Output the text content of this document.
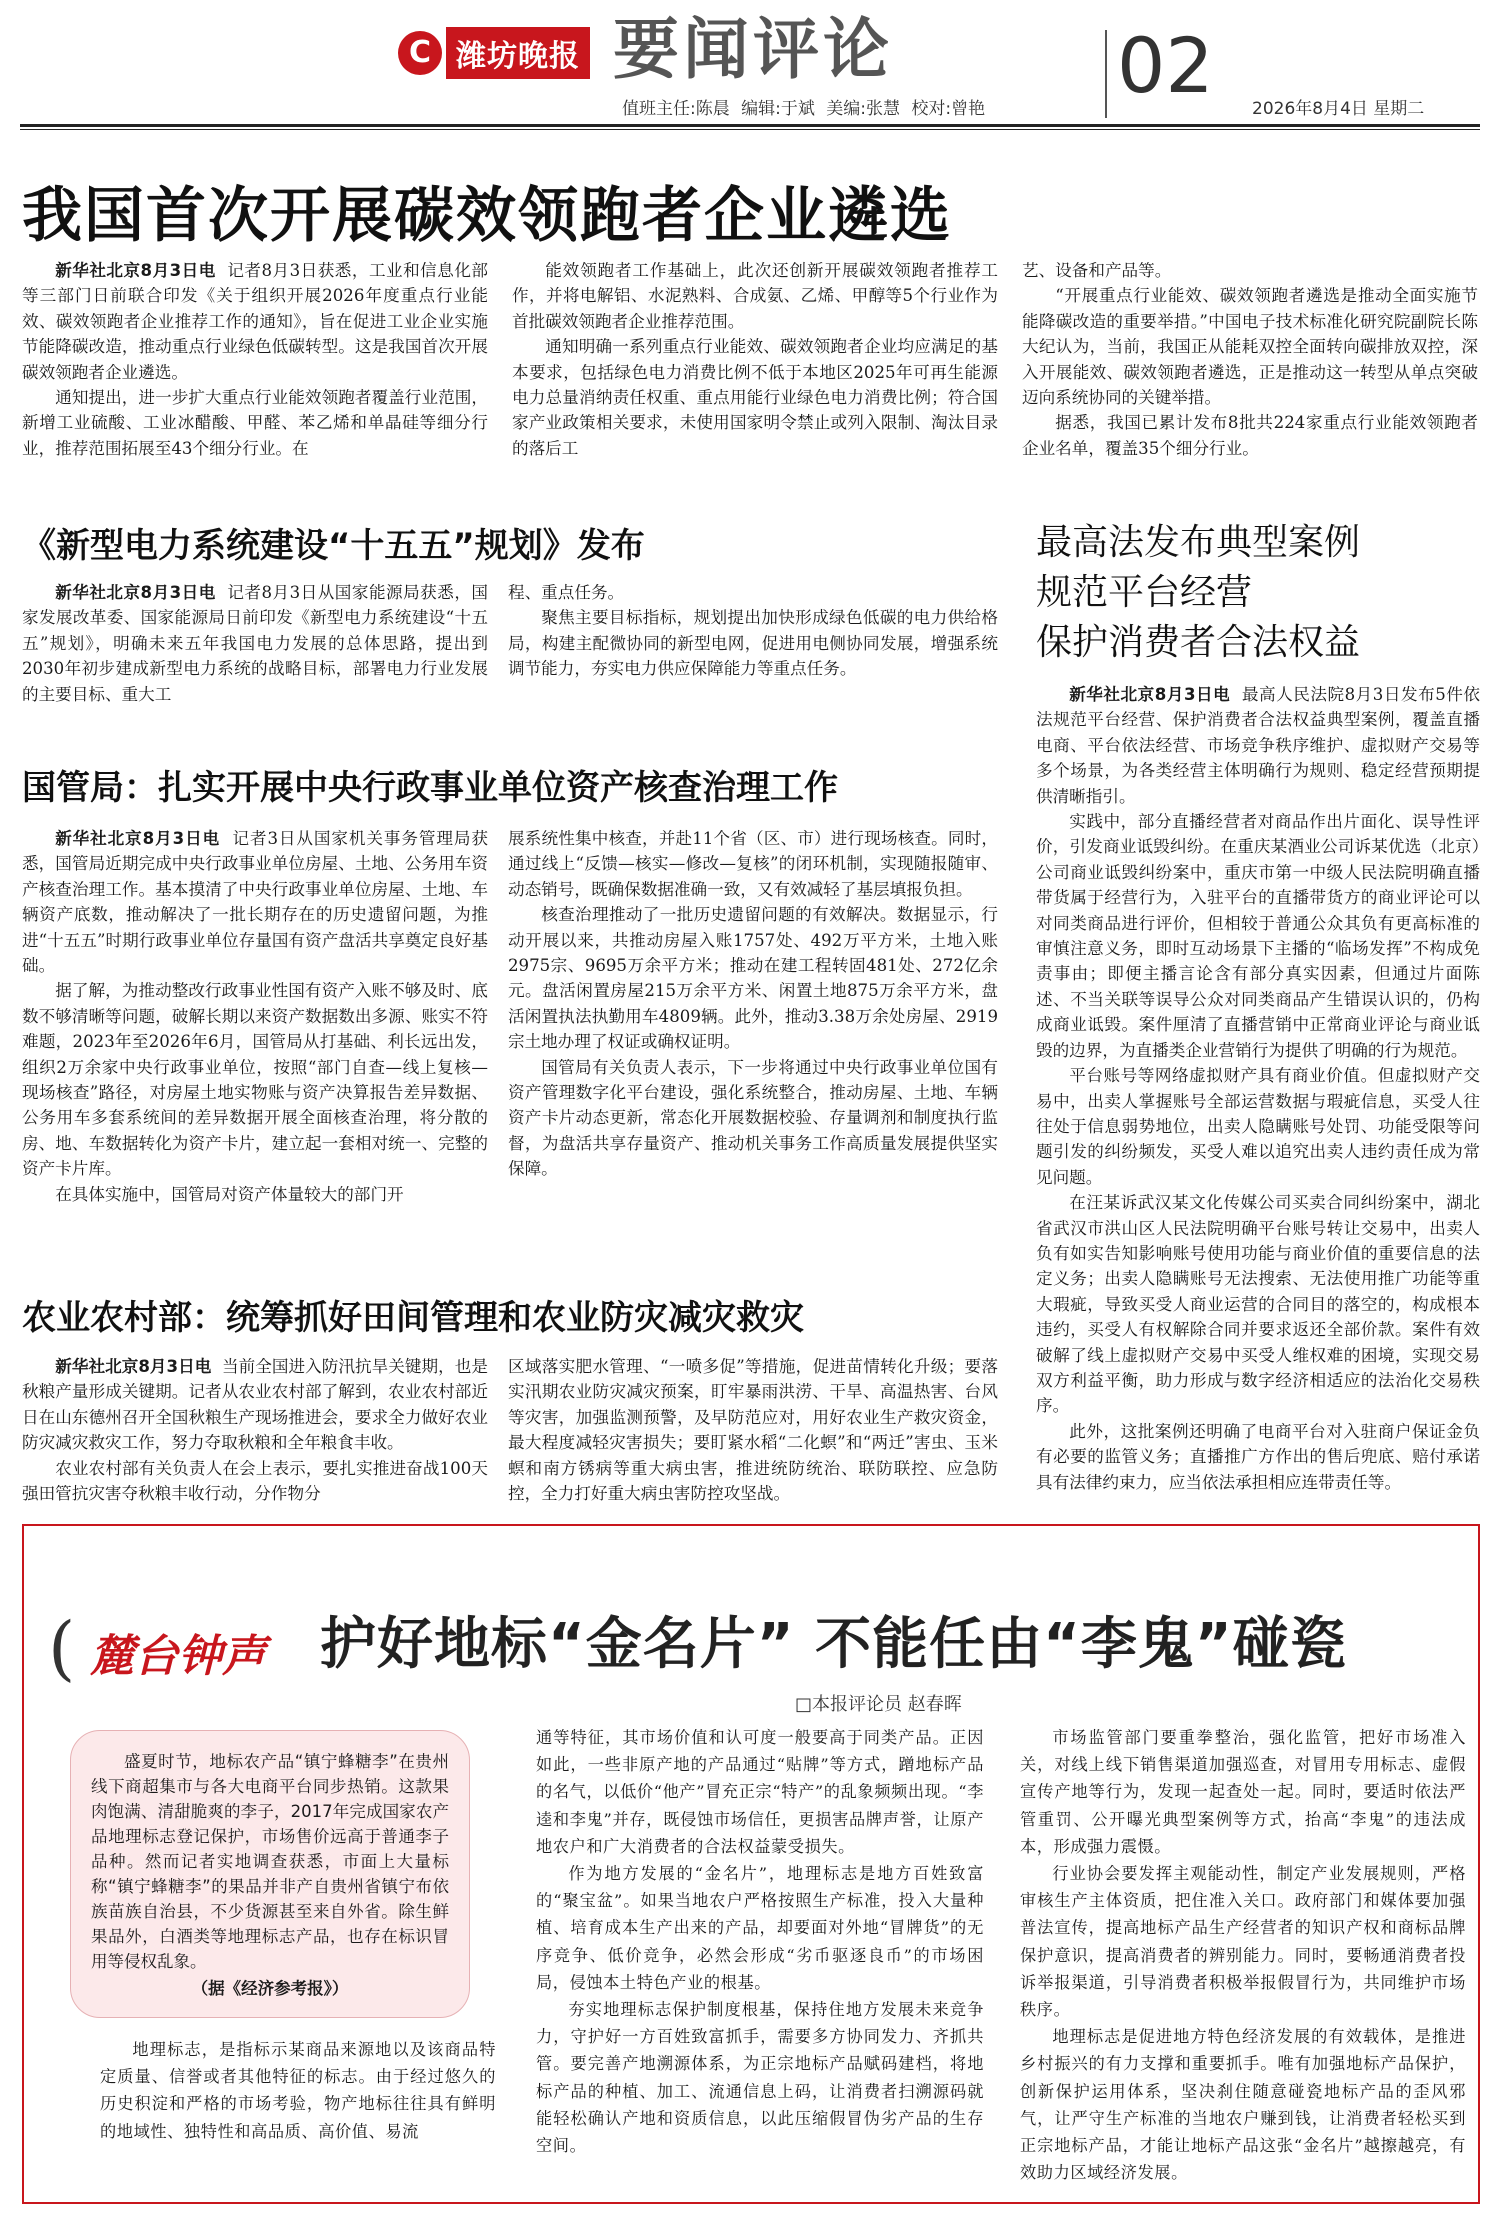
C 潍坊晚报 要闻评论	02
值班主任:陈晨 编辑:于斌 美编:张慧 校对:曾艳	2026年8月4日 星期二
我国首次开展碳效领跑者企业遴选
新华社北京8月3日电 记者8月3日获悉，工业和信息化部等三部门日前联合印发《关于组织开展2026年度重点行业能效、碳效领跑者企业推荐工作的通知》，旨在促进工业企业实施节能降碳改造，推动重点行业绿色低碳转型。这是我国首次开展碳效领跑者企业遴选。

通知提出，进一步扩大重点行业能效领跑者覆盖行业范围，新增工业硫酸、工业冰醋酸、甲醛、苯乙烯和单晶硅等细分行业，推荐范围拓展至43个细分行业。在

能效领跑者工作基础上，此次还创新开展碳效领跑者推荐工作，并将电解铝、水泥熟料、合成氨、乙烯、甲醇等5个行业作为首批碳效领跑者企业推荐范围。

通知明确一系列重点行业能效、碳效领跑者企业均应满足的基本要求，包括绿色电力消费比例不低于本地区2025年可再生能源电力总量消纳责任权重、重点用能行业绿色电力消费比例；符合国家产业政策相关要求，未使用国家明令禁止或列入限制、淘汰目录的落后工

艺、设备和产品等。

“开展重点行业能效、碳效领跑者遴选是推动全面实施节能降碳改造的重要举措。”中国电子技术标准化研究院副院长陈大纪认为，当前，我国正从能耗双控全面转向碳排放双控，深入开展能效、碳效领跑者遴选，正是推动这一转型从单点突破迈向系统协同的关键举措。

据悉，我国已累计发布8批共224家重点行业能效领跑者企业名单，覆盖35个细分行业。

《新型电力系统建设“十五五”规划》发布
新华社北京8月3日电 记者8月3日从国家能源局获悉，国家发展改革委、国家能源局日前印发《新型电力系统建设“十五五”规划》，明确未来五年我国电力发展的总体思路，提出到2030年初步建成新型电力系统的战略目标，部署电力行业发展的主要目标、重大工
程、重点任务。

聚焦主要目标指标，规划提出加快形成绿色低碳的电力供给格局，构建主配微协同的新型电网，促进用电侧协同发展，增强系统调节能力，夯实电力供应保障能力等重点任务。

国管局：扎实开展中央行政事业单位资产核查治理工作
新华社北京8月3日电 记者3日从国家机关事务管理局获悉，国管局近期完成中央行政事业单位房屋、土地、公务用车资产核查治理工作。基本摸清了中央行政事业单位房屋、土地、车辆资产底数，推动解决了一批长期存在的历史遗留问题，为推进“十五五”时期行政事业单位存量国有资产盘活共享奠定良好基础。

据了解，为推动整改行政事业性国有资产入账不够及时、底数不够清晰等问题，破解长期以来资产数据数出多源、账实不符难题，2023年至2026年6月，国管局从打基础、利长远出发，组织2万余家中央行政事业单位，按照“部门自查—线上复核—现场核查”路径，对房屋土地实物账与资产决算报告差异数据、公务用车多套系统间的差异数据开展全面核查治理，将分散的房、地、车数据转化为资产卡片，建立起一套相对统一、完整的资产卡片库。

在具体实施中，国管局对资产体量较大的部门开

展系统性集中核查，并赴11个省（区、市）进行现场核查。同时，通过线上“反馈—核实—修改—复核”的闭环机制，实现随报随审、动态销号，既确保数据准确一致，又有效减轻了基层填报负担。

核查治理推动了一批历史遗留问题的有效解决。数据显示，行动开展以来，共推动房屋入账1757处、492万平方米，土地入账2975宗、9695万余平方米；推动在建工程转固481处、272亿余元。盘活闲置房屋215万余平方米、闲置土地875万余平方米，盘活闲置执法执勤用车4809辆。此外，推动3.38万余处房屋、2919宗土地办理了权证或确权证明。

国管局有关负责人表示，下一步将通过中央行政事业单位国有资产管理数字化平台建设，强化系统整合，推动房屋、土地、车辆资产卡片动态更新，常态化开展数据校验、存量调剂和制度执行监督，为盘活共享存量资产、推动机关事务工作高质量发展提供坚实保障。

农业农村部：统筹抓好田间管理和农业防灾减灾救灾
新华社北京8月3日电 当前全国进入防汛抗旱关键期，也是秋粮产量形成关键期。记者从农业农村部了解到，农业农村部近日在山东德州召开全国秋粮生产现场推进会，要求全力做好农业防灾减灾救灾工作，努力夺取秋粮和全年粮食丰收。

农业农村部有关负责人在会上表示，要扎实推进奋战100天强田管抗灾害夺秋粮丰收行动，分作物分

区域落实肥水管理、“一喷多促”等措施，促进苗情转化升级；要落实汛期农业防灾减灾预案，盯牢暴雨洪涝、干旱、高温热害、台风等灾害，加强监测预警，及早防范应对，用好农业生产救灾资金，最大程度减轻灾害损失；要盯紧水稻“二化螟”和“两迁”害虫、玉米螟和南方锈病等重大病虫害，推进统防统治、联防联控、应急防控，全力打好重大病虫害防控攻坚战。
最高法发布典型案例
规范平台经营
保护消费者合法权益
新华社北京8月3日电 最高人民法院8月3日发布5件依法规范平台经营、保护消费者合法权益典型案例，覆盖直播电商、平台依法经营、市场竞争秩序维护、虚拟财产交易等多个场景，为各类经营主体明确行为规则、稳定经营预期提供清晰指引。

实践中，部分直播经营者对商品作出片面化、误导性评价，引发商业诋毁纠纷。在重庆某酒业公司诉某优选（北京）公司商业诋毁纠纷案中，重庆市第一中级人民法院明确直播带货属于经营行为，入驻平台的直播带货方的商业评论可以对同类商品进行评价，但相较于普通公众其负有更高标准的审慎注意义务，即时互动场景下主播的“临场发挥”不构成免责事由；即便主播言论含有部分真实因素，但通过片面陈述、不当关联等误导公众对同类商品产生错误认识的，仍构成商业诋毁。案件厘清了直播营销中正常商业评论与商业诋毁的边界，为直播类企业营销行为提供了明确的行为规范。

平台账号等网络虚拟财产具有商业价值。但虚拟财产交易中，出卖人掌握账号全部运营数据与瑕疵信息，买受人往往处于信息弱势地位，出卖人隐瞒账号处罚、功能受限等问题引发的纠纷频发，买受人难以追究出卖人违约责任成为常见问题。

在汪某诉武汉某文化传媒公司买卖合同纠纷案中，湖北省武汉市洪山区人民法院明确平台账号转让交易中，出卖人负有如实告知影响账号使用功能与商业价值的重要信息的法定义务；出卖人隐瞒账号无法搜索、无法使用推广功能等重大瑕疵，导致买受人商业运营的合同目的落空的，构成根本违约，买受人有权解除合同并要求返还全部价款。案件有效破解了线上虚拟财产交易中买受人维权难的困境，实现交易双方利益平衡，助力形成与数字经济相适应的法治化交易秩序。

此外，这批案例还明确了电商平台对入驻商户保证金负有必要的监管义务；直播推广方作出的售后兜底、赔付承诺具有法律约束力，应当依法承担相应连带责任等。

( 麓台钟声 护好地标“金名片” 不能任由“李鬼”碰瓷
□本报评论员 赵春晖
盛夏时节，地标农产品“镇宁蜂糖李”在贵州线下商超集市与各大电商平台同步热销。这款果肉饱满、清甜脆爽的李子，2017年完成国家农产品地理标志登记保护，市场售价远高于普通李子品种。然而记者实地调查获悉，市面上大量标称“镇宁蜂糖李”的果品并非产自贵州省镇宁布依族苗族自治县，不少货源甚至来自外省。除生鲜果品外，白酒类等地理标志产品，也存在标识冒用等侵权乱象。
（据《经济参考报》）

地理标志，是指标示某商品来源地以及该商品特定质量、信誉或者其他特征的标志。由于经过悠久的历史积淀和严格的市场考验，物产地标往往具有鲜明的地域性、独特性和高品质、高价值、易流

通等特征，其市场价值和认可度一般要高于同类产品。正因如此，一些非原产地的产品通过“贴牌”等方式，蹭地标产品的名气，以低价“他产”冒充正宗“特产”的乱象频频出现。“李逵和李鬼”并存，既侵蚀市场信任，更损害品牌声誉，让原产地农户和广大消费者的合法权益蒙受损失。

作为地方发展的“金名片”，地理标志是地方百姓致富的“聚宝盆”。如果当地农户严格按照生产标准，投入大量种植、培育成本生产出来的产品，却要面对外地“冒牌货”的无序竞争、低价竞争，必然会形成“劣币驱逐良币”的市场困局，侵蚀本土特色产业的根基。

夯实地理标志保护制度根基，保持住地方发展未来竞争力，守护好一方百姓致富抓手，需要多方协同发力、齐抓共管。要完善产地溯源体系，为正宗地标产品赋码建档，将地标产品的种植、加工、流通信息上码，让消费者扫溯源码就能轻松确认产地和资质信息，以此压缩假冒伪劣产品的生存空间。

市场监管部门要重拳整治，强化监管，把好市场准入关，对线上线下销售渠道加强巡查，对冒用专用标志、虚假宣传产地等行为，发现一起查处一起。同时，要适时依法严管重罚、公开曝光典型案例等方式，抬高“李鬼”的违法成本，形成强力震慑。

行业协会要发挥主观能动性，制定产业发展规则，严格审核生产主体资质，把住准入关口。政府部门和媒体要加强普法宣传，提高地标产品生产经营者的知识产权和商标品牌保护意识，提高消费者的辨别能力。同时，要畅通消费者投诉举报渠道，引导消费者积极举报假冒行为，共同维护市场秩序。

地理标志是促进地方特色经济发展的有效载体，是推进乡村振兴的有力支撑和重要抓手。唯有加强地标产品保护，创新保护运用体系，坚决刹住随意碰瓷地标产品的歪风邪气，让严守生产标准的当地农户赚到钱，让消费者轻松买到正宗地标产品，才能让地标产品这张“金名片”越擦越亮，有效助力区域经济发展。
